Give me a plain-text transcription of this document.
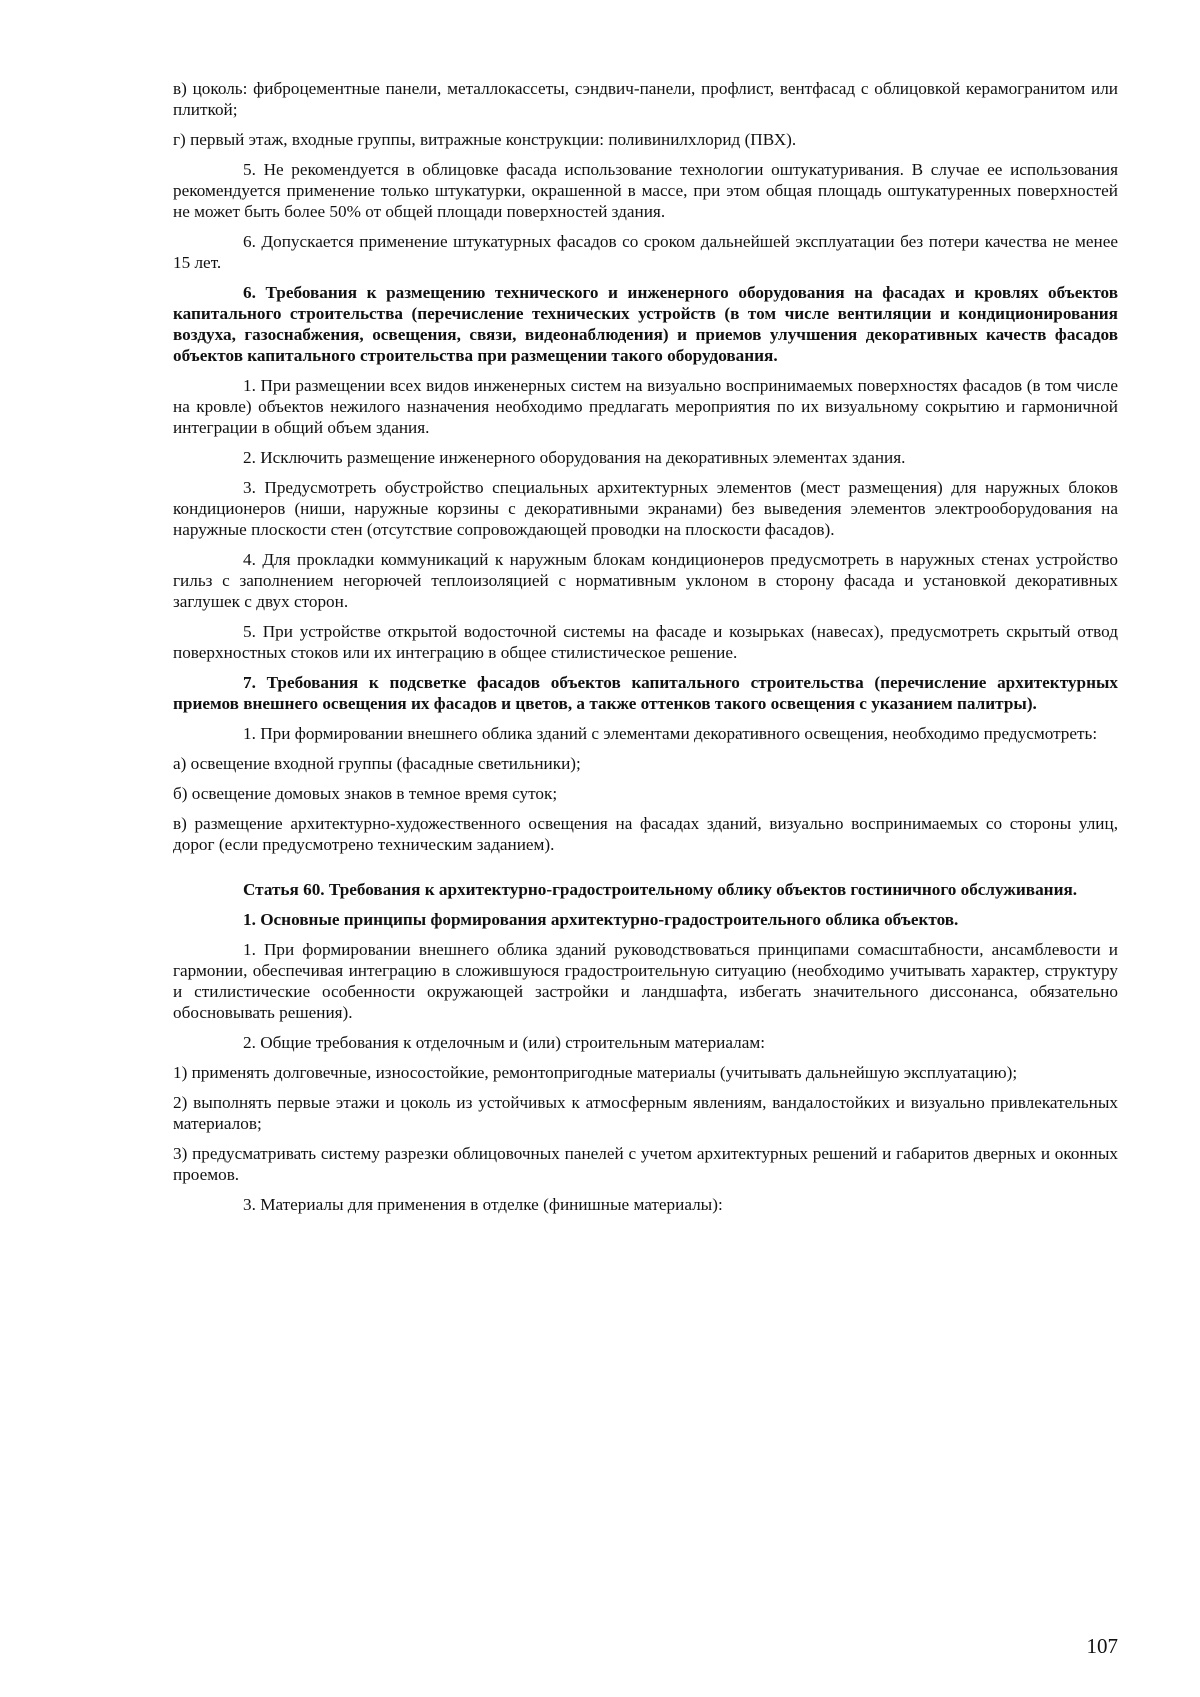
в) цоколь: фиброцементные панели, металлокассеты, сэндвич-панели, профлист, вентфасад с облицовкой керамогранитом или плиткой;

г) первый этаж, входные группы, витражные конструкции: поливинилхлорид (ПВХ).

5. Не рекомендуется в облицовке фасада использование технологии оштукатуривания. В случае ее использования рекомендуется применение только штукатурки, окрашенной в массе, при этом общая площадь оштукатуренных поверхностей не может быть более 50% от общей площади поверхностей здания.

6. Допускается применение штукатурных фасадов со сроком дальнейшей эксплуатации без потери качества не менее 15 лет.

6. Требования к размещению технического и инженерного оборудования на фасадах и кровлях объектов капитального строительства (перечисление технических устройств (в том числе вентиляции и кондиционирования воздуха, газоснабжения, освещения, связи, видеонаблюдения) и приемов улучшения декоративных качеств фасадов объектов капитального строительства при размещении такого оборудования.

1. При размещении всех видов инженерных систем на визуально воспринимаемых поверхностях фасадов (в том числе на кровле) объектов нежилого назначения необходимо предлагать мероприятия по их визуальному сокрытию и гармоничной интеграции в общий объем здания.

2. Исключить размещение инженерного оборудования на декоративных элементах здания.

3. Предусмотреть обустройство специальных архитектурных элементов (мест размещения) для наружных блоков кондиционеров (ниши, наружные корзины с декоративными экранами) без выведения элементов электрооборудования на наружные плоскости стен (отсутствие сопровождающей проводки на плоскости фасадов).

4. Для прокладки коммуникаций к наружным блокам кондиционеров предусмотреть в наружных стенах устройство гильз с заполнением негорючей теплоизоляцией с нормативным уклоном в сторону фасада и установкой декоративных заглушек с двух сторон.

5. При устройстве открытой водосточной системы на фасаде и козырьках (навесах), предусмотреть скрытый отвод поверхностных стоков или их интеграцию в общее стилистическое решение.

7. Требования к подсветке фасадов объектов капитального строительства (перечисление архитектурных приемов внешнего освещения их фасадов и цветов, а также оттенков такого освещения с указанием палитры).

1. При формировании внешнего облика зданий с элементами декоративного освещения, необходимо предусмотреть:

а) освещение входной группы (фасадные светильники);

б) освещение домовых знаков в темное время суток;

в) размещение архитектурно-художественного освещения на фасадах зданий, визуально воспринимаемых со стороны улиц, дорог (если предусмотрено техническим заданием).

Статья 60. Требования к архитектурно-градостроительному облику объектов гостиничного обслуживания.

1. Основные принципы формирования архитектурно-градостроительного облика объектов.

1. При формировании внешнего облика зданий руководствоваться принципами сомасштабности, ансамблевости и гармонии, обеспечивая интеграцию в сложившуюся градостроительную ситуацию (необходимо учитывать характер, структуру и стилистические особенности окружающей застройки и ландшафта, избегать значительного диссонанса, обязательно обосновывать решения).

2. Общие требования к отделочным и (или) строительным материалам:

1) применять долговечные, износостойкие, ремонтопригодные материалы (учитывать дальнейшую эксплуатацию);

2) выполнять первые этажи и цоколь из устойчивых к атмосферным явлениям, вандалостойких и визуально привлекательных материалов;

3) предусматривать систему разрезки облицовочных панелей с учетом архитектурных решений и габаритов дверных и оконных проемов.

3. Материалы для применения в отделке (финишные материалы):

107
